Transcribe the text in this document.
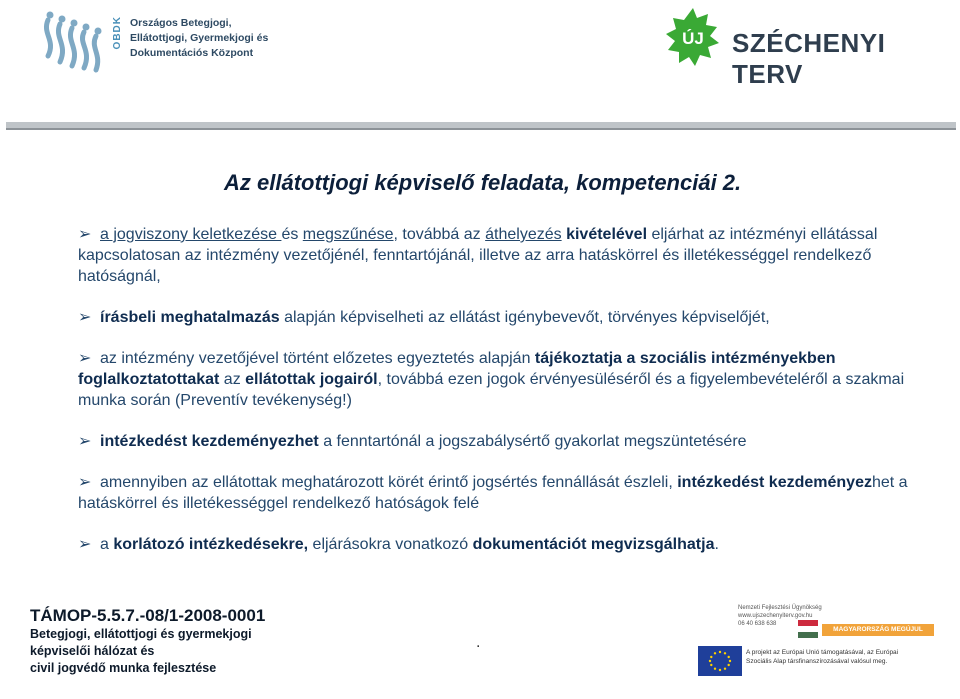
OBDK Országos Betegjogi,
Ellátottjogi, Gyermekjogi és
Dokumentációs Központ
ÚJ SZÉCHENYI TERV
Az ellátottjogi képviselő feladata, kompetenciái 2.
➢ a jogviszony keletkezése és megszűnése, továbbá az áthelyezés kivételével eljárhat az intézményi ellátással kapcsolatosan az intézmény vezetőjénél, fenntartójánál, illetve az arra hatáskörrel és illetékességgel rendelkező hatóságnál,
➢ írásbeli meghatalmazás alapján képviselheti az ellátást igénybevevőt, törvényes képviselőjét,
➢ az intézmény vezetőjével történt előzetes egyeztetés alapján tájékoztatja a szociális intézményekben foglalkoztatottakat az ellátottak jogairól, továbbá ezen jogok érvényesüléséről és a figyelembevételéről a szakmai munka során (Preventív tevékenység!)
➢ intézkedést kezdeményezhet a fenntartónál a jogszabálysértő gyakorlat megszüntetésére
➢ amennyiben az ellátottak meghatározott körét érintő jogsértés fennállását észleli, intézkedést kezdeményezhet a hatáskörrel és illetékességgel rendelkező hatóságok felé
➢ a korlátozó intézkedésekre, eljárásokra vonatkozó dokumentációt megvizsgálhatja.
TÁMOP-5.5.7.-08/1-2008-0001
Betegjogi, ellátottjogi és gyermekjogi
képviselői hálózat és
civil jogvédő munka fejlesztése
.
Nemzeti Fejlesztési Ügynökség
www.ujszechenyiterv.gov.hu
06 40 638 638
MAGYARORSZÁG MEGÚJUL
A projekt az Európai Unió támogatásával, az Európai
Szociális Alap társfinanszírozásával valósul meg.
